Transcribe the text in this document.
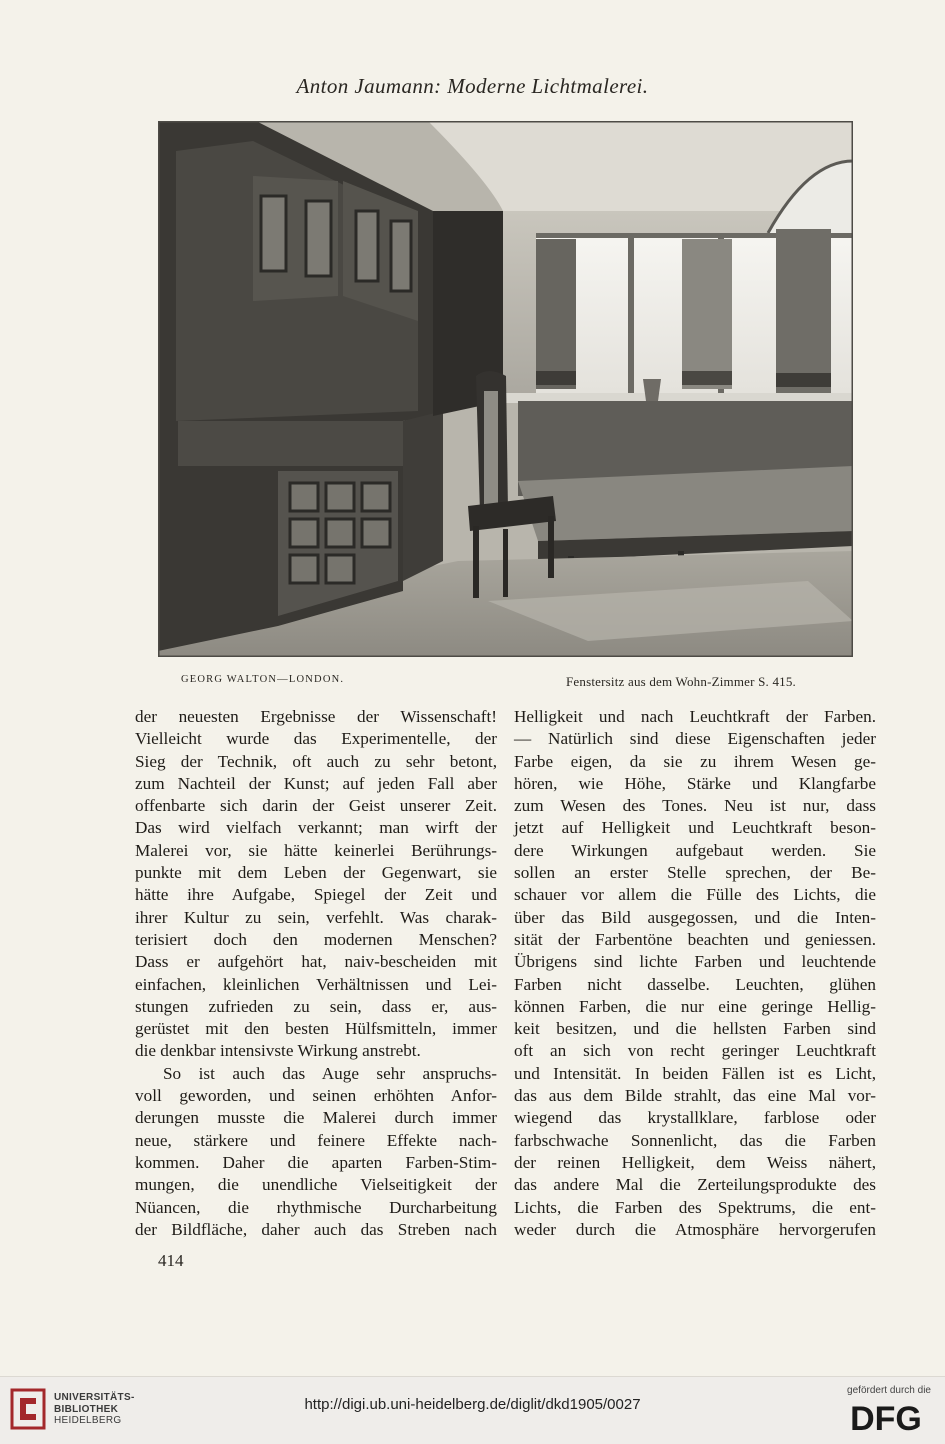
Anton Jaumann: Moderne Lichtmalerei.
GEORG WALTON—LONDON.	Fenstersitz aus dem Wohn-Zimmer S. 415.
der neuesten Ergebnisse der Wissenschaft!
Vielleicht wurde das Experimentelle, der
Sieg der Technik, oft auch zu sehr betont,
zum Nachteil der Kunst; auf jeden Fall aber
offenbarte sich darin der Geist unserer Zeit.
Das wird vielfach verkannt; man wirft der
Malerei vor, sie hätte keinerlei Berührungs-
punkte mit dem Leben der Gegenwart, sie
hätte ihre Aufgabe, Spiegel der Zeit und
ihrer Kultur zu sein, verfehlt. Was charak-
terisiert doch den modernen Menschen?
Dass er aufgehört hat, naiv-bescheiden mit
einfachen, kleinlichen Verhältnissen und Lei-
stungen zufrieden zu sein, dass er, aus-
gerüstet mit den besten Hülfsmitteln, immer
die denkbar intensivste Wirkung anstrebt.
So ist auch das Auge sehr anspruchs-
voll geworden, und seinen erhöhten Anfor-
derungen musste die Malerei durch immer
neue, stärkere und feinere Effekte nach-
kommen. Daher die aparten Farben-Stim-
mungen, die unendliche Vielseitigkeit der
Nüancen, die rhythmische Durcharbeitung
der Bildfläche, daher auch das Streben nach
Helligkeit und nach Leuchtkraft der Farben.
— Natürlich sind diese Eigenschaften jeder
Farbe eigen, da sie zu ihrem Wesen ge-
hören, wie Höhe, Stärke und Klangfarbe
zum Wesen des Tones. Neu ist nur, dass
jetzt auf Helligkeit und Leuchtkraft beson-
dere Wirkungen aufgebaut werden. Sie
sollen an erster Stelle sprechen, der Be-
schauer vor allem die Fülle des Lichts, die
über das Bild ausgegossen, und die Inten-
sität der Farbentöne beachten und geniessen.
Übrigens sind lichte Farben und leuchtende
Farben nicht dasselbe. Leuchten, glühen
können Farben, die nur eine geringe Hellig-
keit besitzen, und die hellsten Farben sind
oft an sich von recht geringer Leuchtkraft
und Intensität. In beiden Fällen ist es Licht,
das aus dem Bilde strahlt, das eine Mal vor-
wiegend das krystallklare, farblose oder
farbschwache Sonnenlicht, das die Farben
der reinen Helligkeit, dem Weiss nähert,
das andere Mal die Zerteilungsprodukte des
Lichts, die Farben des Spektrums, die ent-
weder durch die Atmosphäre hervorgerufen
414
UNIVERSITÄTS-
BIBLIOTHEK
HEIDELBERG
http://digi.ub.uni-heidelberg.de/diglit/dkd1905/0027
gefördert durch die
DFG
